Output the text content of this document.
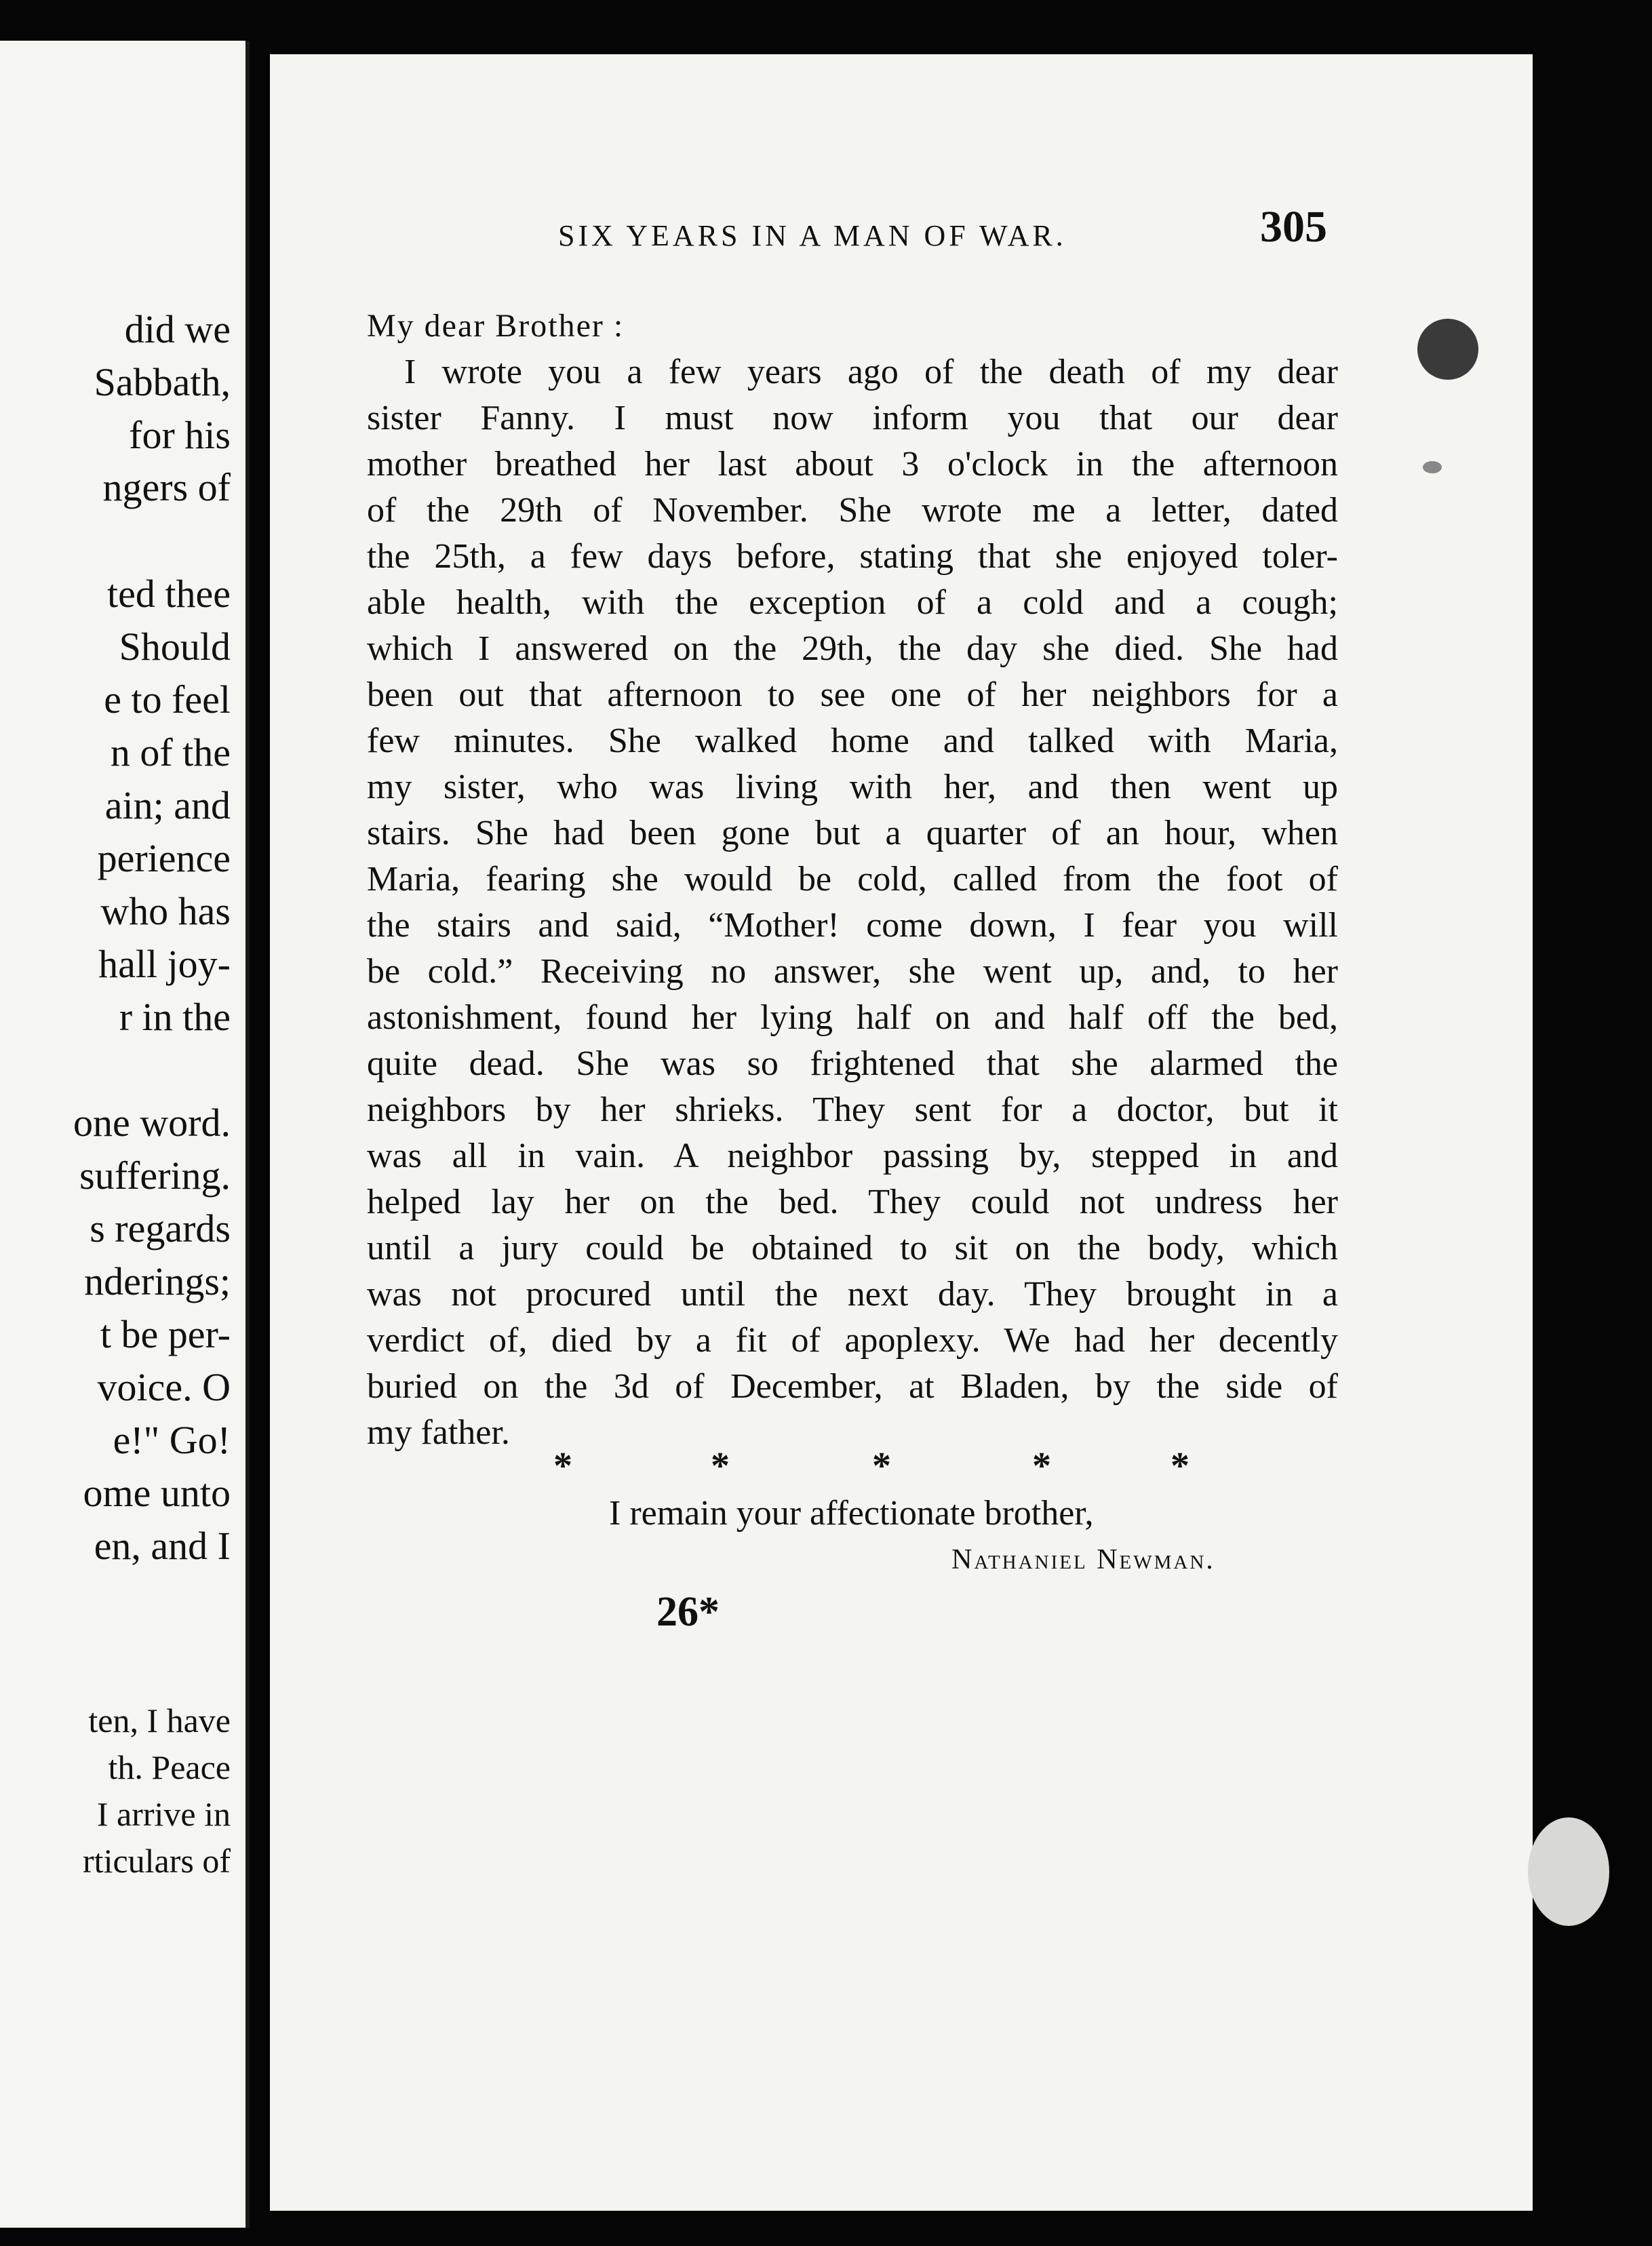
did we
Sabbath,
for his
ngers of
ted thee
Should
e to feel
n of the
ain; and
perience
who has
hall joy-
r in the
one word.
suffering.
s regards
nderings;
t be per-
voice. O
e!" Go!
ome unto
en, and I
ten, I have
th. Peace
I arrive in
rticulars of
SIX YEARS IN A MAN OF WAR.	305
My dear Brother :
I wrote you a few years ago of the death of my dear
sister Fanny. I must now inform you that our dear
mother breathed her last about 3 o'clock in the afternoon
of the 29th of November. She wrote me a letter, dated
the 25th, a few days before, stating that she enjoyed toler-
able health, with the exception of a cold and a cough;
which I answered on the 29th, the day she died. She had
been out that afternoon to see one of her neighbors for a
few minutes. She walked home and talked with Maria,
my sister, who was living with her, and then went up
stairs. She had been gone but a quarter of an hour, when
Maria, fearing she would be cold, called from the foot of
the stairs and said, “Mother! come down, I fear you will
be cold.” Receiving no answer, she went up, and, to her
astonishment, found her lying half on and half off the bed,
quite dead. She was so frightened that she alarmed the
neighbors by her shrieks. They sent for a doctor, but it
was all in vain. A neighbor passing by, stepped in and
helped lay her on the bed. They could not undress her
until a jury could be obtained to sit on the body, which
was not procured until the next day. They brought in a
verdict of, died by a fit of apoplexy. We had her decently
buried on the 3d of December, at Bladen, by the side of
my father.
*	*	*	*	*
I remain your affectionate brother,
Nathaniel Newman.
26*
